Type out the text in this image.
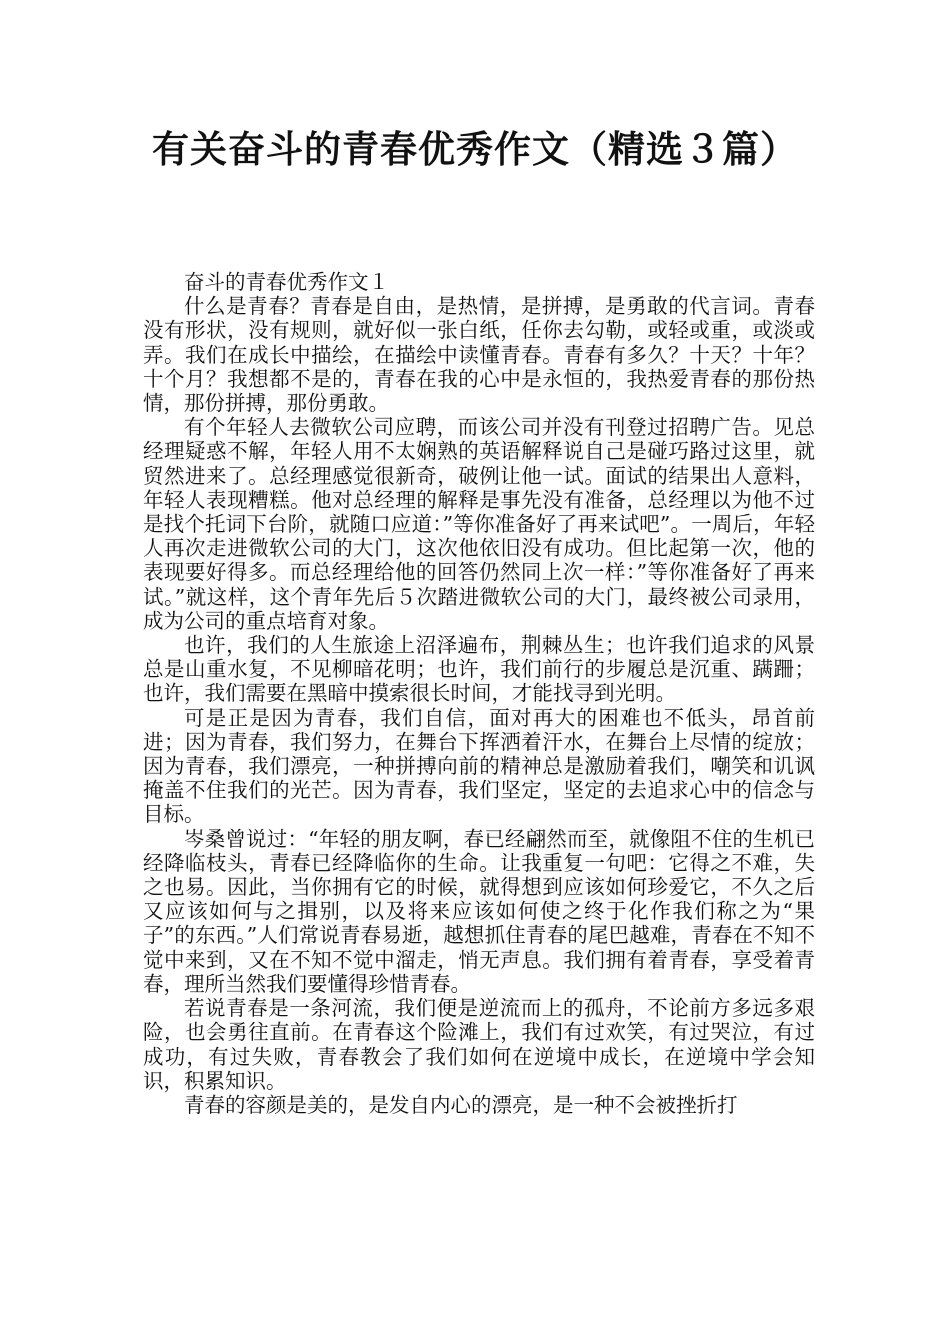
有关奋斗的青春优秀作文（精选３篇）

奋斗的青春优秀作文１

什么是青春？青春是自由，是热情，是拼搏，是勇敢的代言词。青春没有形状，没有规则，就好似一张白纸，任你去勾勒，或轻或重，或淡或弄。我们在成长中描绘，在描绘中读懂青春。青春有多久？十天？十年？十个月？我想都不是的，青春在我的心中是永恒的，我热爱青春的那份热情，那份拼搏，那份勇敢。

有个年轻人去微软公司应聘，而该公司并没有刊登过招聘广告。见总经理疑惑不解，年轻人用不太娴熟的英语解释说自己是碰巧路过这里，就贸然进来了。总经理感觉很新奇，破例让他一试。面试的结果出人意料，年轻人表现糟糕。他对总经理的解释是事先没有准备，总经理以为他不过是找个托词下台阶，就随口应道：”等你准备好了再来试吧”。一周后，年轻人再次走进微软公司的大门，这次他依旧没有成功。但比起第一次，他的表现要好得多。而总经理给他的回答仍然同上次一样：”等你准备好了再来试。”就这样，这个青年先后５次踏进微软公司的大门，最终被公司录用，成为公司的重点培育对象。

也许，我们的人生旅途上沼泽遍布，荆棘丛生；也许我们追求的风景总是山重水复，不见柳暗花明；也许，我们前行的步履总是沉重、蹒跚；也许，我们需要在黑暗中摸索很长时间，才能找寻到光明。

可是正是因为青春，我们自信，面对再大的困难也不低头，昂首前进；因为青春，我们努力，在舞台下挥洒着汗水，在舞台上尽情的绽放；因为青春，我们漂亮，一种拼搏向前的精神总是激励着我们，嘲笑和讥讽掩盖不住我们的光芒。因为青春，我们坚定，坚定的去追求心中的信念与目标。

岑桑曾说过：“年轻的朋友啊，春已经翩然而至，就像阻不住的生机已经降临枝头，青春已经降临你的生命。让我重复一句吧：它得之不难，失之也易。因此，当你拥有它的时候，就得想到应该如何珍爱它，不久之后又应该如何与之揖别，以及将来应该如何使之终于化作我们称之为“果子”的东西。”人们常说青春易逝，越想抓住青春的尾巴越难，青春在不知不觉中来到，又在不知不觉中溜走，悄无声息。我们拥有着青春，享受着青春，理所当然我们要懂得珍惜青春。

若说青春是一条河流，我们便是逆流而上的孤舟，不论前方多远多艰险，也会勇往直前。在青春这个险滩上，我们有过欢笑，有过哭泣，有过成功，有过失败，青春教会了我们如何在逆境中成长，在逆境中学会知识，积累知识。

青春的容颜是美的，是发自内心的漂亮，是一种不会被挫折打
